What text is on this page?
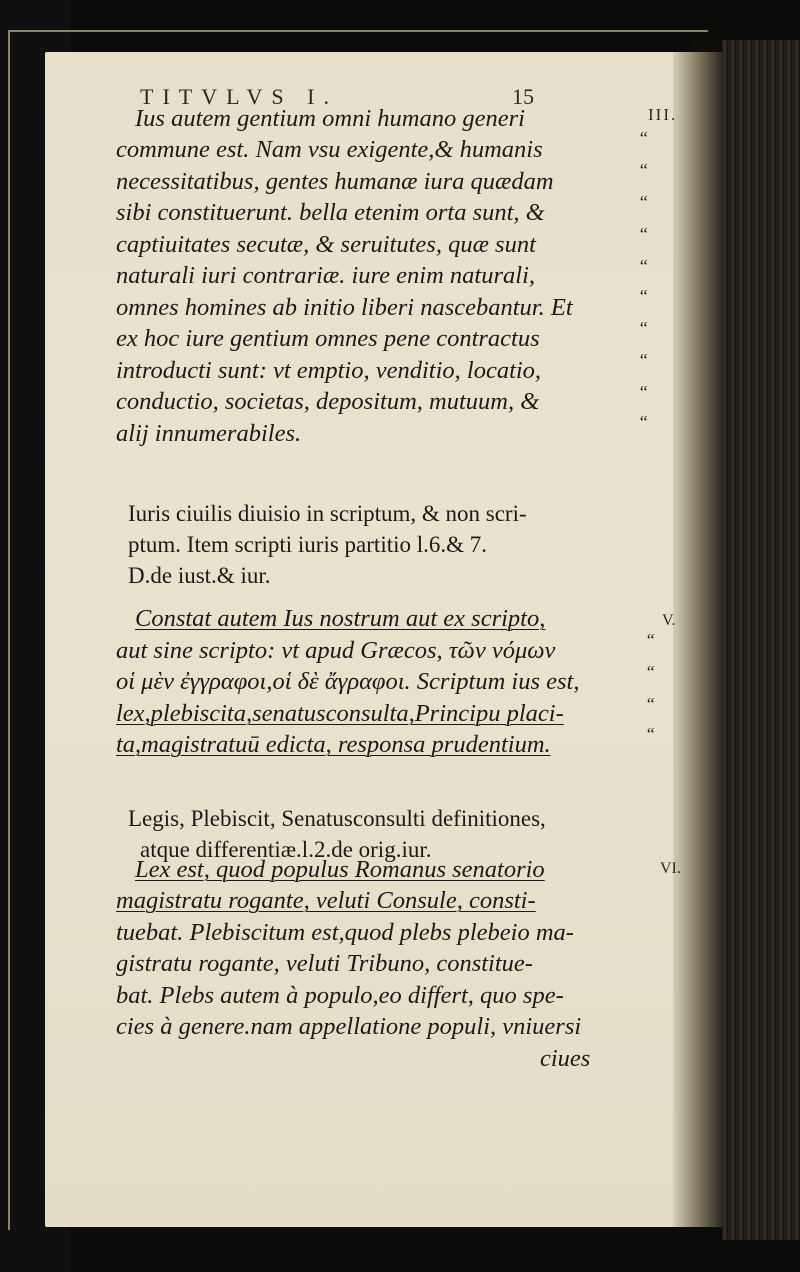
TITVLVS I.	15
III.
V.
VI.
Ius autem gentium omni humano generi
commune est. Nam vsu exigente,& humanis
necessitatibus, gentes humanæ iura quædam
sibi constituerunt. bella etenim orta sunt, &
captiuitates secutæ, & seruitutes, quæ sunt
naturali iuri contrariæ. iure enim naturali,
omnes homines ab initio liberi nascebantur. Et
ex hoc iure gentium omnes pene contractus
introducti sunt: vt emptio, venditio, locatio,
conductio, societas, depositum, mutuum, &
alij innumerabiles.
“
“
“
“
“
“
“
“
“
“
Iuris ciuilis diuisio in scriptum, & non scri-
ptum. Item scripti iuris partitio l.6.& 7.
D.de iust.& iur.
Constat autem Ius nostrum aut ex scripto,
aut sine scripto: vt apud Græcos, τῶν νόμων
οἱ μὲν ἐγγραφοι,οἱ δὲ ἄγραφοι. Scriptum ius est,
lex,plebiscita,senatusconsulta,Principu placi-
ta,magistratuū edicta, responsa prudentium.
“
“
“
“
Legis, Plebiscit, Senatusconsulti definitiones,
atque differentiæ.l.2.de orig.iur.
Lex est, quod populus Romanus senatorio
magistratu rogante, veluti Consule, consti-
tuebat. Plebiscitum est,quod plebs plebeio ma-
gistratu rogante, veluti Tribuno, constitue-
bat. Plebs autem à populo,eo differt, quo spe-
cies à genere.nam appellatione populi, vniuersi
ciues
